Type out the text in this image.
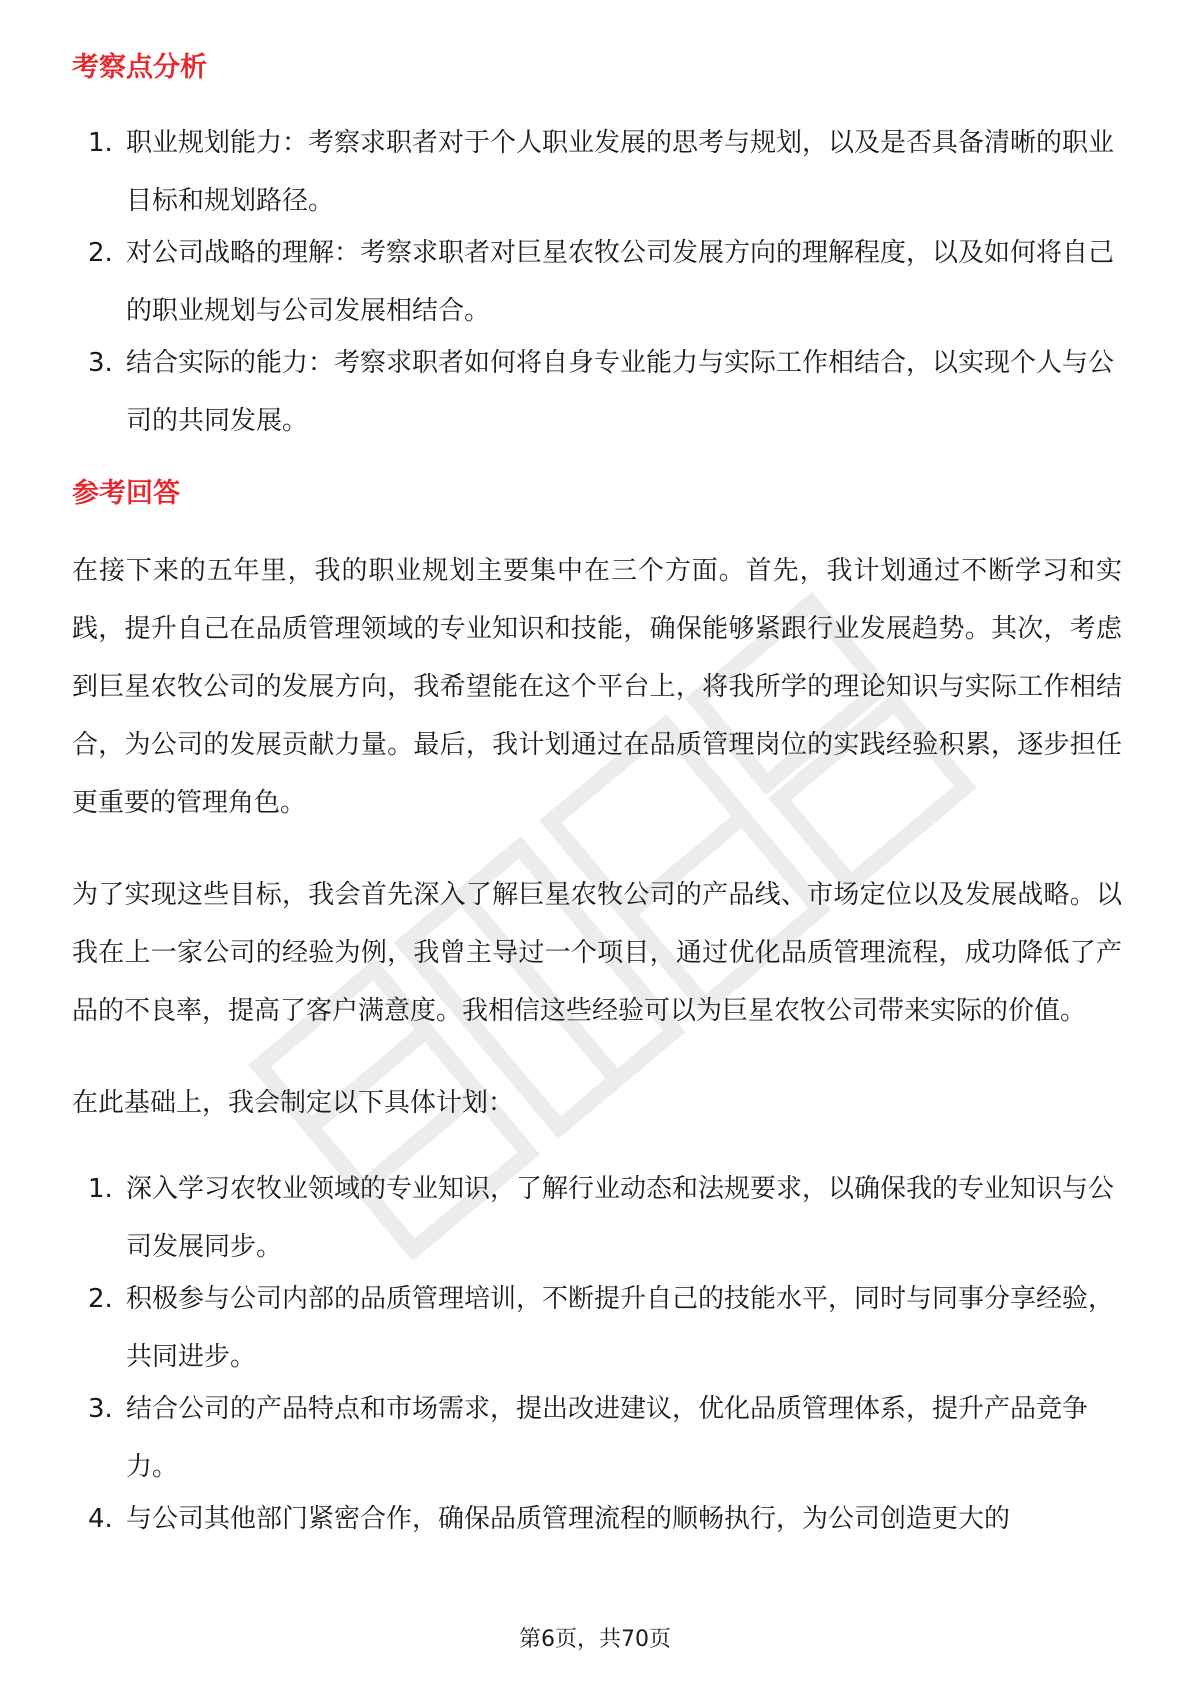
考察点分析
1. 职业规划能力：考察求职者对于个人职业发展的思考与规划，以及是否具备清晰的职业目标和规划路径。
2. 对公司战略的理解：考察求职者对巨星农牧公司发展方向的理解程度，以及如何将自己的职业规划与公司发展相结合。
3. 结合实际的能力：考察求职者如何将自身专业能力与实际工作相结合，以实现个人与公司的共同发展。
参考回答

在接下来的五年里，我的职业规划主要集中在三个方面。首先，我计划通过不断学习和实践，提升自己在品质管理领域的专业知识和技能，确保能够紧跟行业发展趋势。其次，考虑到巨星农牧公司的发展方向，我希望能在这个平台上，将我所学的理论知识与实际工作相结合，为公司的发展贡献力量。最后，我计划通过在品质管理岗位的实践经验积累，逐步担任更重要的管理角色。

为了实现这些目标，我会首先深入了解巨星农牧公司的产品线、市场定位以及发展战略。以我在上一家公司的经验为例，我曾主导过一个项目，通过优化品质管理流程，成功降低了产品的不良率，提高了客户满意度。我相信这些经验可以为巨星农牧公司带来实际的价值。

在此基础上，我会制定以下具体计划：

1. 深入学习农牧业领域的专业知识，了解行业动态和法规要求，以确保我的专业知识与公司发展同步。
2. 积极参与公司内部的品质管理培训，不断提升自己的技能水平，同时与同事分享经验，共同进步。
3. 结合公司的产品特点和市场需求，提出改进建议，优化品质管理体系，提升产品竞争力。
4. 与公司其他部门紧密合作，确保品质管理流程的顺畅执行，为公司创造更大的
第6页，共70页
